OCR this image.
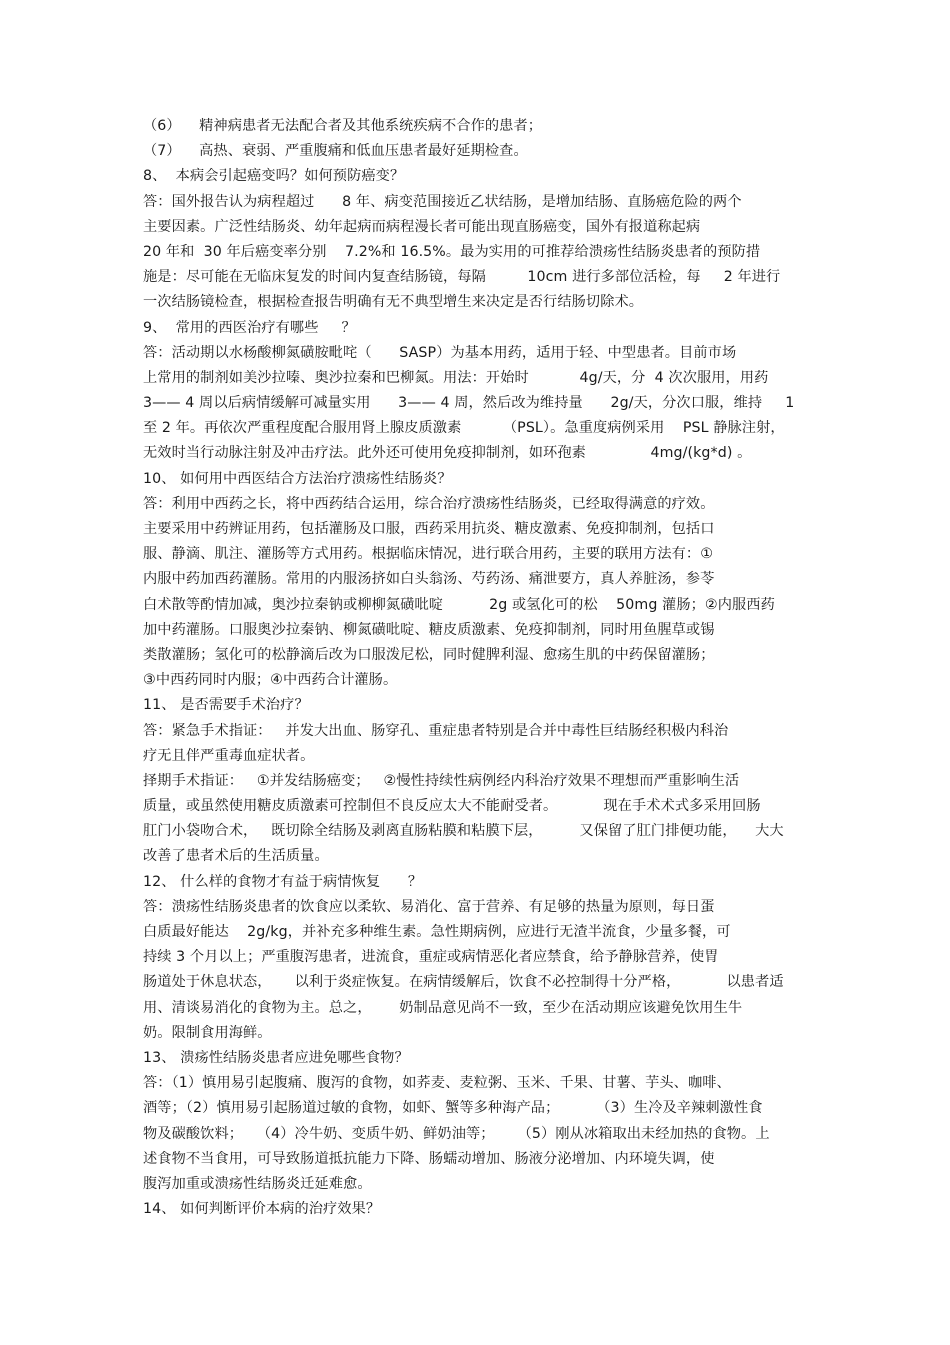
（6）    精神病患者无法配合者及其他系统疾病不合作的患者；
（7）    高热、衰弱、严重腹痛和低血压患者最好延期检查。
8、  本病会引起癌变吗？如何预防癌变？
答：国外报告认为病程超过      8 年、病变范围接近乙状结肠，是增加结肠、直肠癌危险的两个
主要因素。广泛性结肠炎、幼年起病而病程漫长者可能出现直肠癌变，国外有报道称起病
20 年和  30 年后癌变率分别    7.2%和 16.5%。最为实用的可推荐给溃疡性结肠炎患者的预防措
施是：尽可能在无临床复发的时间内复查结肠镜，每隔         10cm 进行多部位活检，每     2 年进行
一次结肠镜检查，根据检查报告明确有无不典型增生来决定是否行结肠切除术。
9、  常用的西医治疗有哪些     ？
答：活动期以水杨酸柳氮磺胺毗咤（      SASP）为基本用药，适用于轻、中型患者。目前市场
上常用的制剂如美沙拉嗪、奥沙拉秦和巴柳氮。用法：开始时           4g/天，分  4 次次服用，用药
3—— 4 周以后病情缓解可减量实用      3—— 4 周，然后改为维持量      2g/天，分次口服，维持     1
至 2 年。再依次严重程度配合服用肾上腺皮质激素         （PSL）。急重度病例采用    PSL 静脉注射，
无效时当行动脉注射及冲击疗法。此外还可使用免疫抑制剂，如环孢素              4mg/(kg*d) 。
10、 如何用中西医结合方法治疗溃疡性结肠炎？
答：利用中西药之长，将中西药结合运用，综合治疗溃疡性结肠炎，已经取得满意的疗效。
主要采用中药辨证用药，包括灌肠及口服，西药采用抗炎、糖皮激素、免疫抑制剂，包括口
服、静滴、肌注、灌肠等方式用药。根据临床情况，进行联合用药，主要的联用方法有：①
内服中药加西药灌肠。常用的内服汤挤如白头翁汤、芍药汤、痛泄要方，真人养脏汤，参苓
白术散等酌情加减，奥沙拉秦钠或柳柳氮磺吡啶          2g 或氢化可的松    50mg 灌肠；②内服西药
加中药灌肠。口服奥沙拉秦钠、柳氮磺吡啶、糖皮质激素、免疫抑制剂，同时用鱼腥草或锡
类散灌肠；氢化可的松静滴后改为口服泼尼松，同时健脾利湿、愈疡生肌的中药保留灌肠；
③中西药同时内服；④中西药合计灌肠。
11、 是否需要手术治疗？
答：紧急手术指证：   并发大出血、肠穿孔、重症患者特别是合并中毒性巨结肠经积极内科治
疗无且伴严重毒血症状者。
择期手术指证：   ①并发结肠癌变；   ②慢性持续性病例经内科治疗效果不理想而严重影响生活
质量，或虽然使用糖皮质激素可控制但不良反应太大不能耐受者。          现在手术术式多采用回肠
肛门小袋吻合术，   既切除全结肠及剥离直肠粘膜和粘膜下层，        又保留了肛门排便功能，    大大
改善了患者术后的生活质量。
12、 什么样的食物才有益于病情恢复      ？
答：溃疡性结肠炎患者的饮食应以柔软、易消化、富于营养、有足够的热量为原则，每日蛋
白质最好能达    2g/kg，并补充多种维生素。急性期病例，应进行无渣半流食，少量多餐，可
持续 3 个月以上；严重腹泻患者，进流食，重症或病情恶化者应禁食，给予静脉营养，使胃
肠道处于休息状态，     以利于炎症恢复。在病情缓解后，饮食不必控制得十分严格，          以患者适
用、清谈易消化的食物为主。总之，      奶制品意见尚不一致，至少在活动期应该避免饮用生牛
奶。限制食用海鲜。
13、 溃疡性结肠炎患者应进免哪些食物？
答：（1）慎用易引起腹痛、腹泻的食物，如荞麦、麦粒粥、玉米、千果、甘薯、芋头、咖啡、
酒等；（2）慎用易引起肠道过敏的食物，如虾、蟹等多种海产品；        （3）生冷及辛辣刺激性食
物及碳酸饮料；   （4）冷牛奶、变质牛奶、鲜奶油等；     （5）刚从冰箱取出未经加热的食物。上
述食物不当食用，可导致肠道抵抗能力下降、肠蠕动增加、肠液分泌增加、内环境失调，使
腹泻加重或溃疡性结肠炎迁延难愈。
14、 如何判断评价本病的治疗效果？
